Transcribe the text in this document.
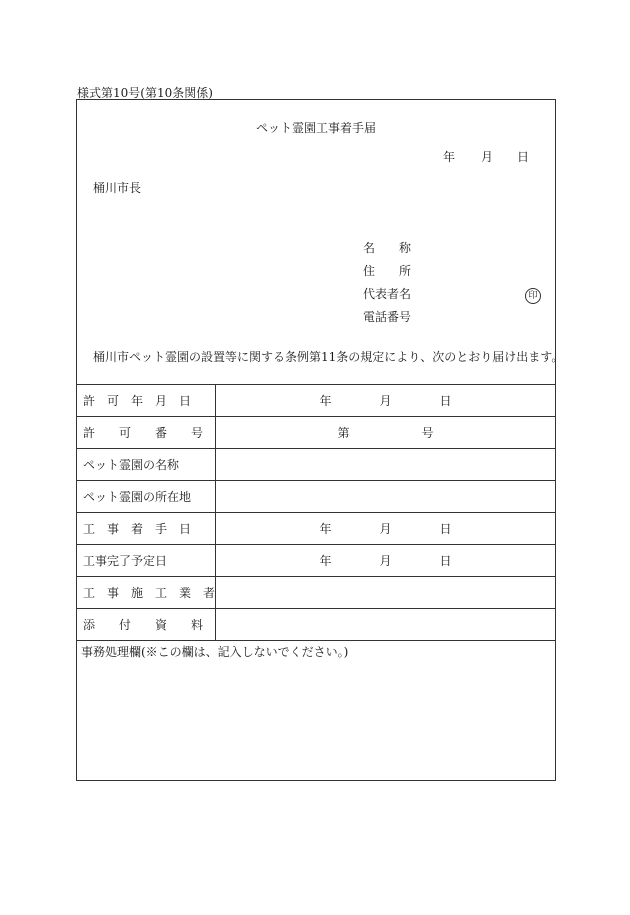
様式第10号(第10条関係)
ペット霊園工事着手届
年 月 日
桶川市長
名　　称
住　　所
代表者名
電話番号
印
桶川市ペット霊園の設置等に関する条例第11条の規定により、次のとおり届け出ます。
許　可　年　月　日	年　　　　月　　　　日
許　　可　　番　　号	第　　　　　　号
ペット霊園の名称	
ペット霊園の所在地	
工　事　着　手　日	年　　　　月　　　　日
工事完了予定日	年　　　　月　　　　日
工　事　施　工　業　者	
添　　付　　資　　料	
事務処理欄(※この欄は、記入しないでください。)
